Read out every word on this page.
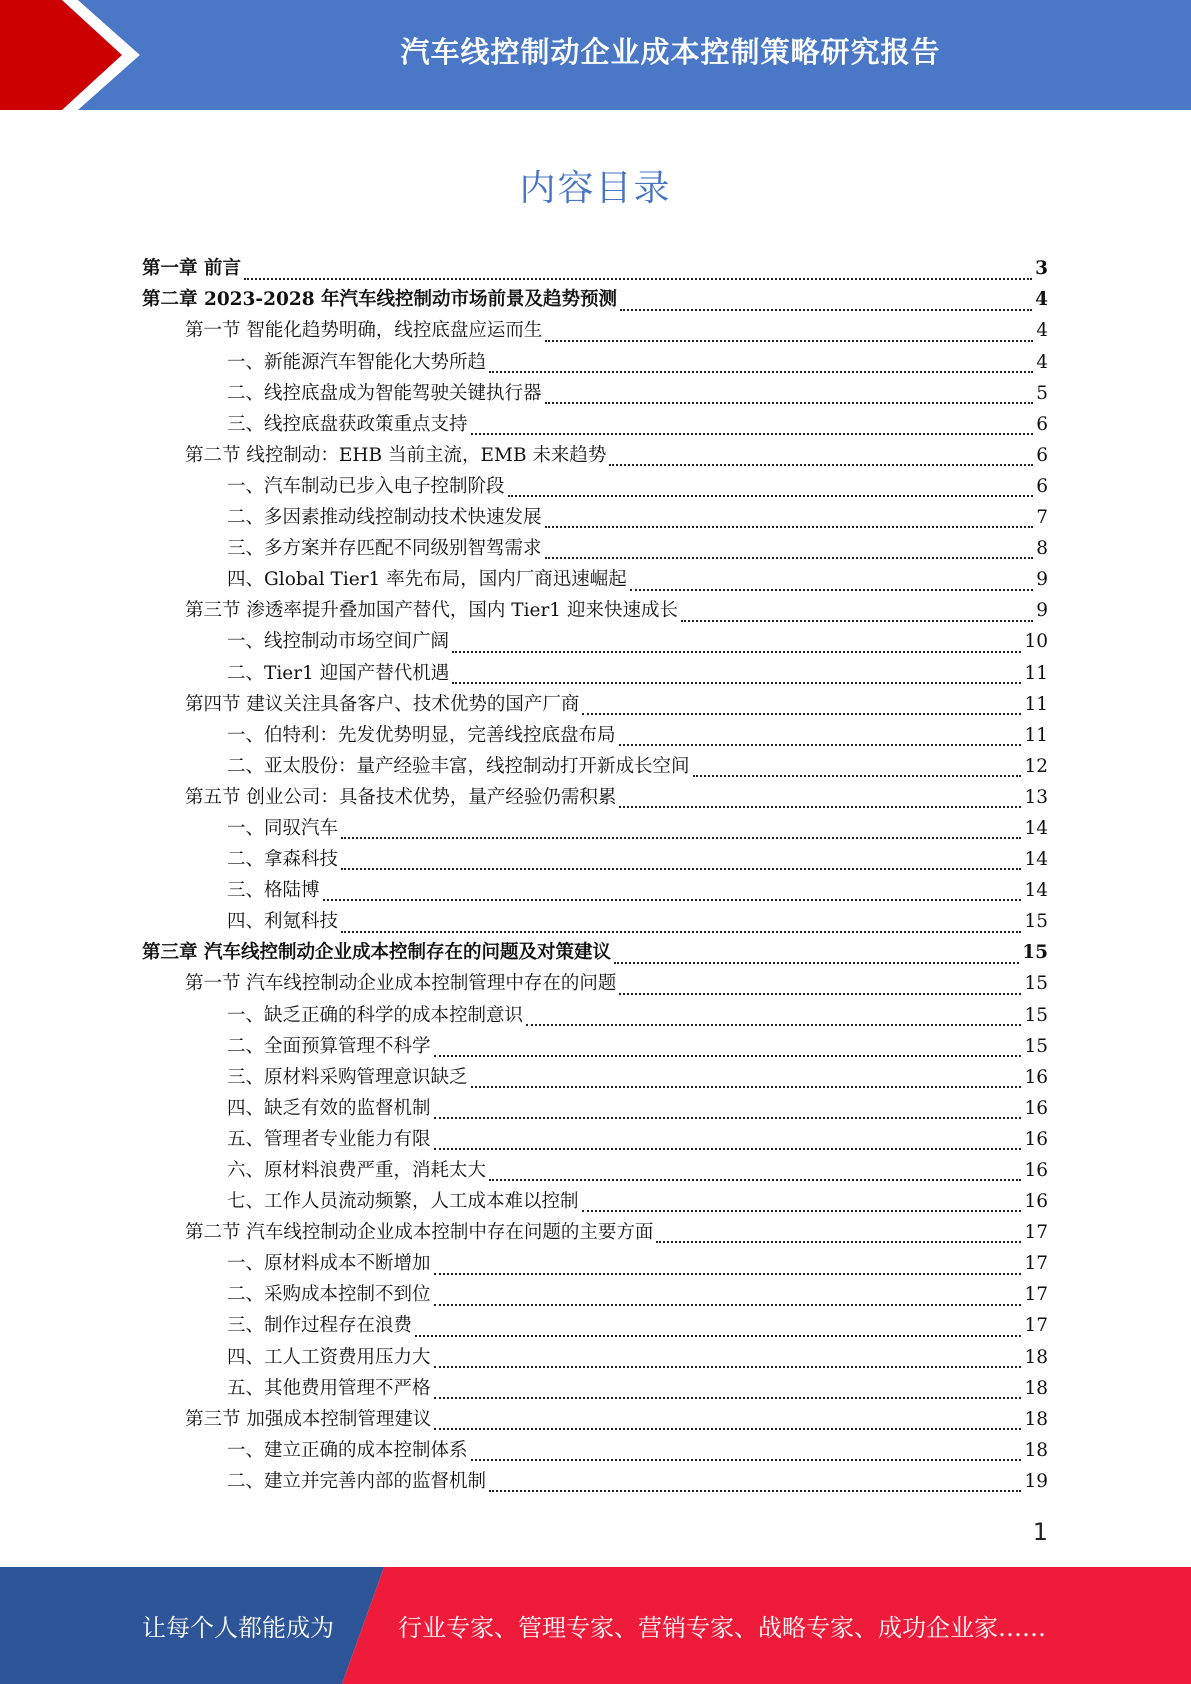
汽车线控制动企业成本控制策略研究报告
内容目录
第一章 前言	3
第二章 2023-2028 年汽车线控制动市场前景及趋势预测	4
第一节 智能化趋势明确，线控底盘应运而生	4
一、新能源汽车智能化大势所趋	4
二、线控底盘成为智能驾驶关键执行器	5
三、线控底盘获政策重点支持	6
第二节 线控制动：EHB 当前主流，EMB 未来趋势	6
一、汽车制动已步入电子控制阶段	6
二、多因素推动线控制动技术快速发展	7
三、多方案并存匹配不同级别智驾需求	8
四、Global Tier1 率先布局，国内厂商迅速崛起	9
第三节 渗透率提升叠加国产替代，国内 Tier1 迎来快速成长	9
一、线控制动市场空间广阔	10
二、Tier1 迎国产替代机遇	11
第四节 建议关注具备客户、技术优势的国产厂商	11
一、伯特利：先发优势明显，完善线控底盘布局	11
二、亚太股份：量产经验丰富，线控制动打开新成长空间	12
第五节 创业公司：具备技术优势，量产经验仍需积累	13
一、同驭汽车	14
二、拿森科技	14
三、格陆博	14
四、利氪科技	15
第三章 汽车线控制动企业成本控制存在的问题及对策建议	15
第一节 汽车线控制动企业成本控制管理中存在的问题	15
一、缺乏正确的科学的成本控制意识	15
二、全面预算管理不科学	15
三、原材料采购管理意识缺乏	16
四、缺乏有效的监督机制	16
五、管理者专业能力有限	16
六、原材料浪费严重，消耗太大	16
七、工作人员流动频繁，人工成本难以控制	16
第二节 汽车线控制动企业成本控制中存在问题的主要方面	17
一、原材料成本不断增加	17
二、采购成本控制不到位	17
三、制作过程存在浪费	17
四、工人工资费用压力大	18
五、其他费用管理不严格	18
第三节 加强成本控制管理建议	18
一、建立正确的成本控制体系	18
二、建立并完善内部的监督机制	19
1
让每个人都能成为	行业专家、管理专家、营销专家、战略专家、成功企业家……
